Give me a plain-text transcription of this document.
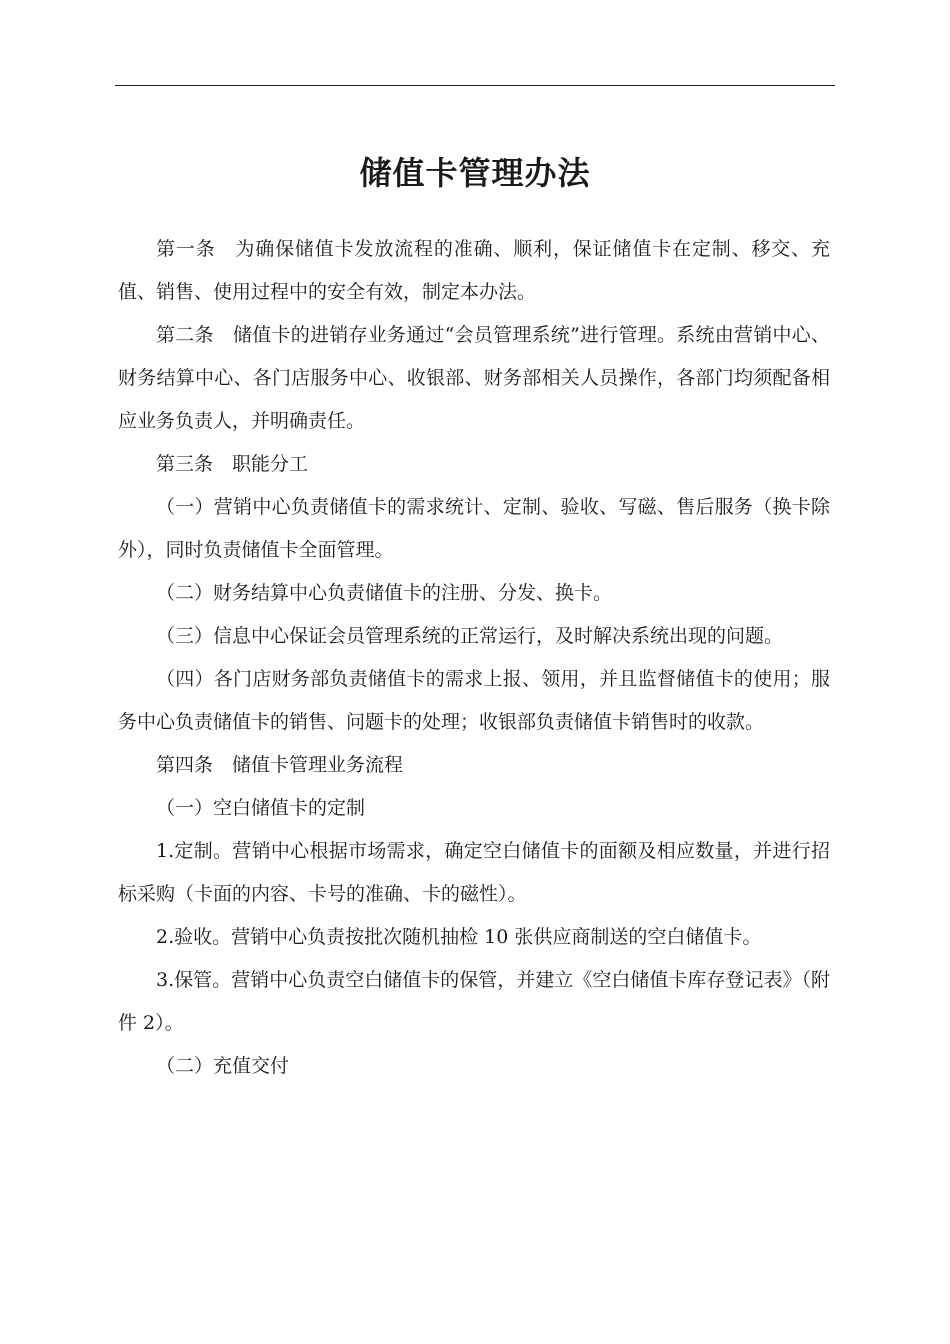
储值卡管理办法

第一条　为确保储值卡发放流程的准确、顺利，保证储值卡在定制、移交、充值、销售、使用过程中的安全有效，制定本办法。

第二条　储值卡的进销存业务通过“会员管理系统”进行管理。系统由营销中心、财务结算中心、各门店服务中心、收银部、财务部相关人员操作，各部门均须配备相应业务负责人，并明确责任。

第三条　职能分工

（一）营销中心负责储值卡的需求统计、定制、验收、写磁、售后服务（换卡除外），同时负责储值卡全面管理。

（二）财务结算中心负责储值卡的注册、分发、换卡。

（三）信息中心保证会员管理系统的正常运行，及时解决系统出现的问题。

（四）各门店财务部负责储值卡的需求上报、领用，并且监督储值卡的使用；服务中心负责储值卡的销售、问题卡的处理；收银部负责储值卡销售时的收款。

第四条　储值卡管理业务流程

（一）空白储值卡的定制

1.定制。营销中心根据市场需求，确定空白储值卡的面额及相应数量，并进行招标采购（卡面的内容、卡号的准确、卡的磁性）。

2.验收。营销中心负责按批次随机抽检 10 张供应商制送的空白储值卡。

3.保管。营销中心负责空白储值卡的保管，并建立《空白储值卡库存登记表》（附件 2）。

（二）充值交付
